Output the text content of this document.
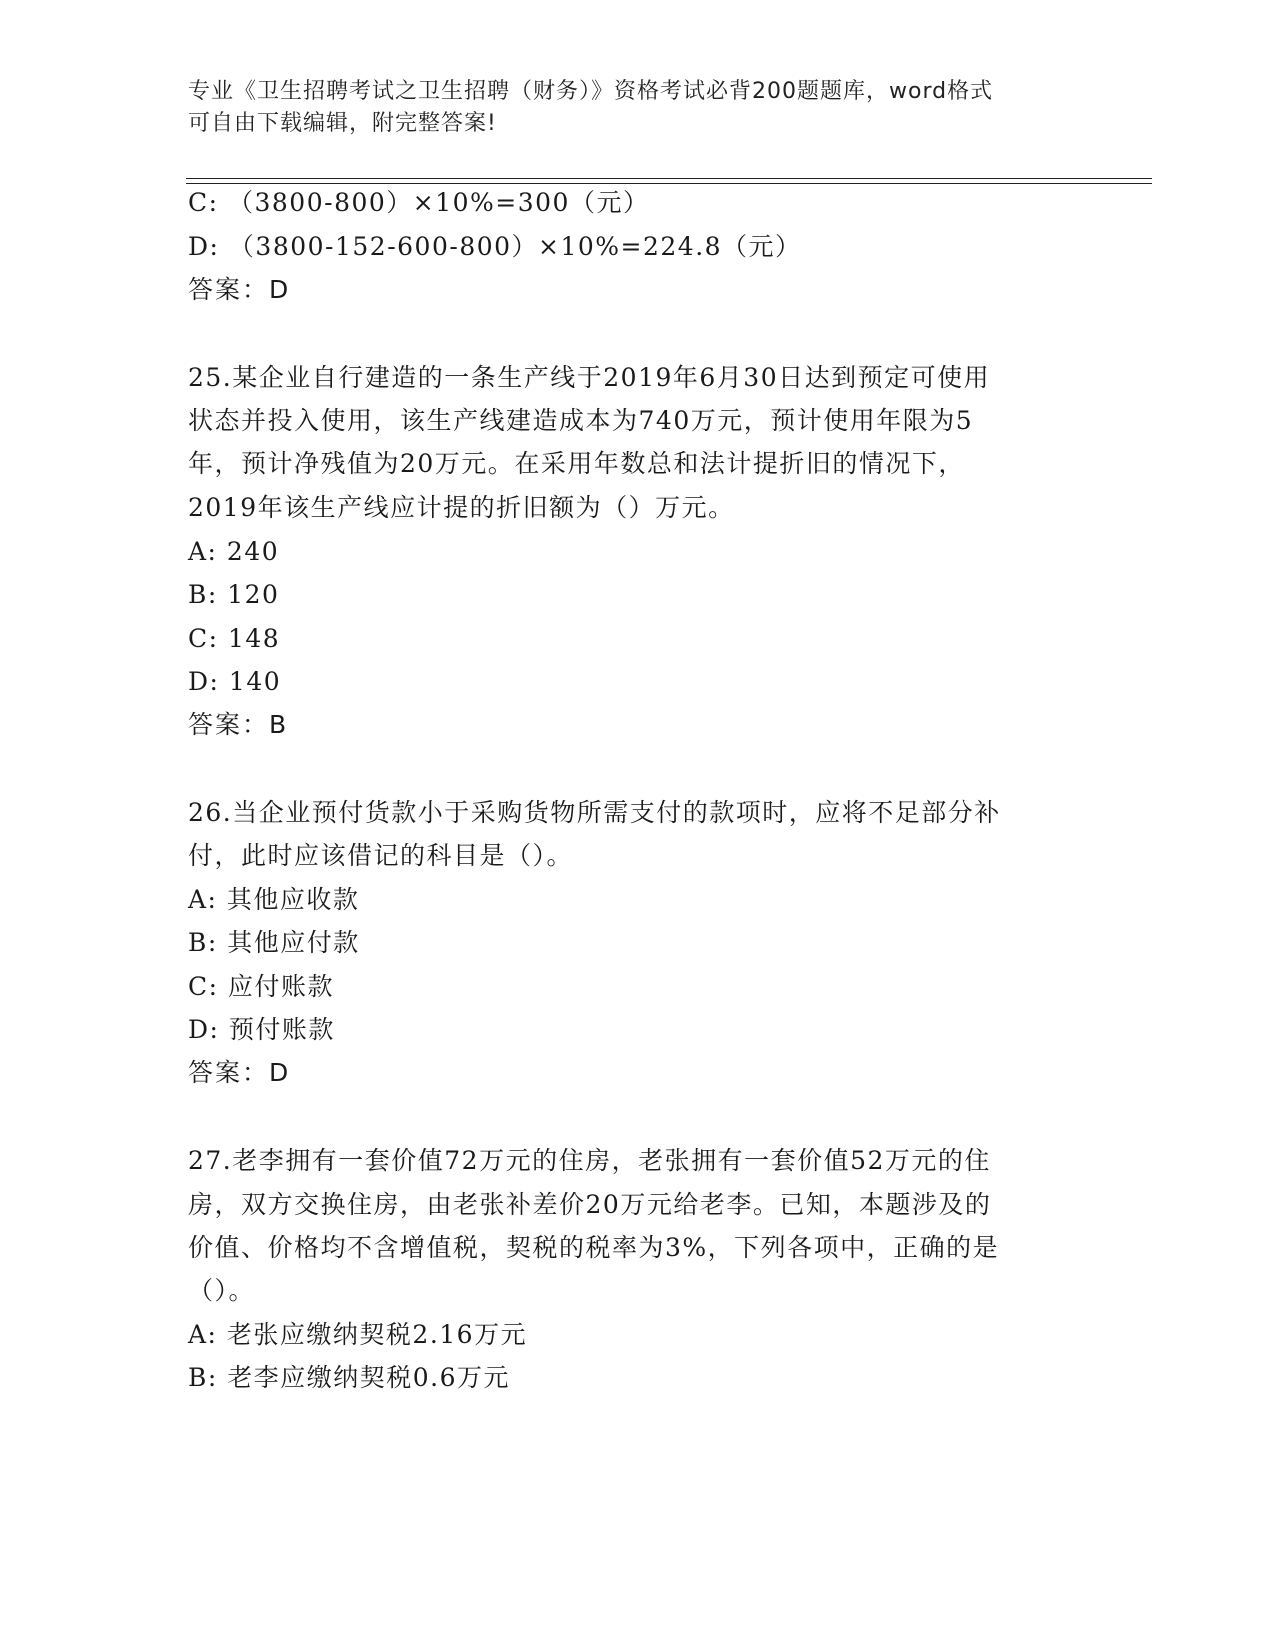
专业《卫生招聘考试之卫生招聘（财务）》资格考试必背200题题库，word格式
可自由下载编辑，附完整答案!
C: （3800-800）×10%=300（元）
D: （3800-152-600-800）×10%=224.8（元）
答案：D
25.某企业自行建造的一条生产线于2019年6月30日达到预定可使用
状态并投入使用，该生产线建造成本为740万元，预计使用年限为5
年，预计净残值为20万元。在采用年数总和法计提折旧的情况下，
2019年该生产线应计提的折旧额为（）万元。
A: 240
B: 120
C: 148
D: 140
答案：B
26.当企业预付货款小于采购货物所需支付的款项时，应将不足部分补
付，此时应该借记的科目是（）。
A: 其他应收款
B: 其他应付款
C: 应付账款
D: 预付账款
答案：D
27.老李拥有一套价值72万元的住房，老张拥有一套价值52万元的住
房，双方交换住房，由老张补差价20万元给老李。已知，本题涉及的
价值、价格均不含增值税，契税的税率为3%，下列各项中，正确的是
（）。
A: 老张应缴纳契税2.16万元
B: 老李应缴纳契税0.6万元
